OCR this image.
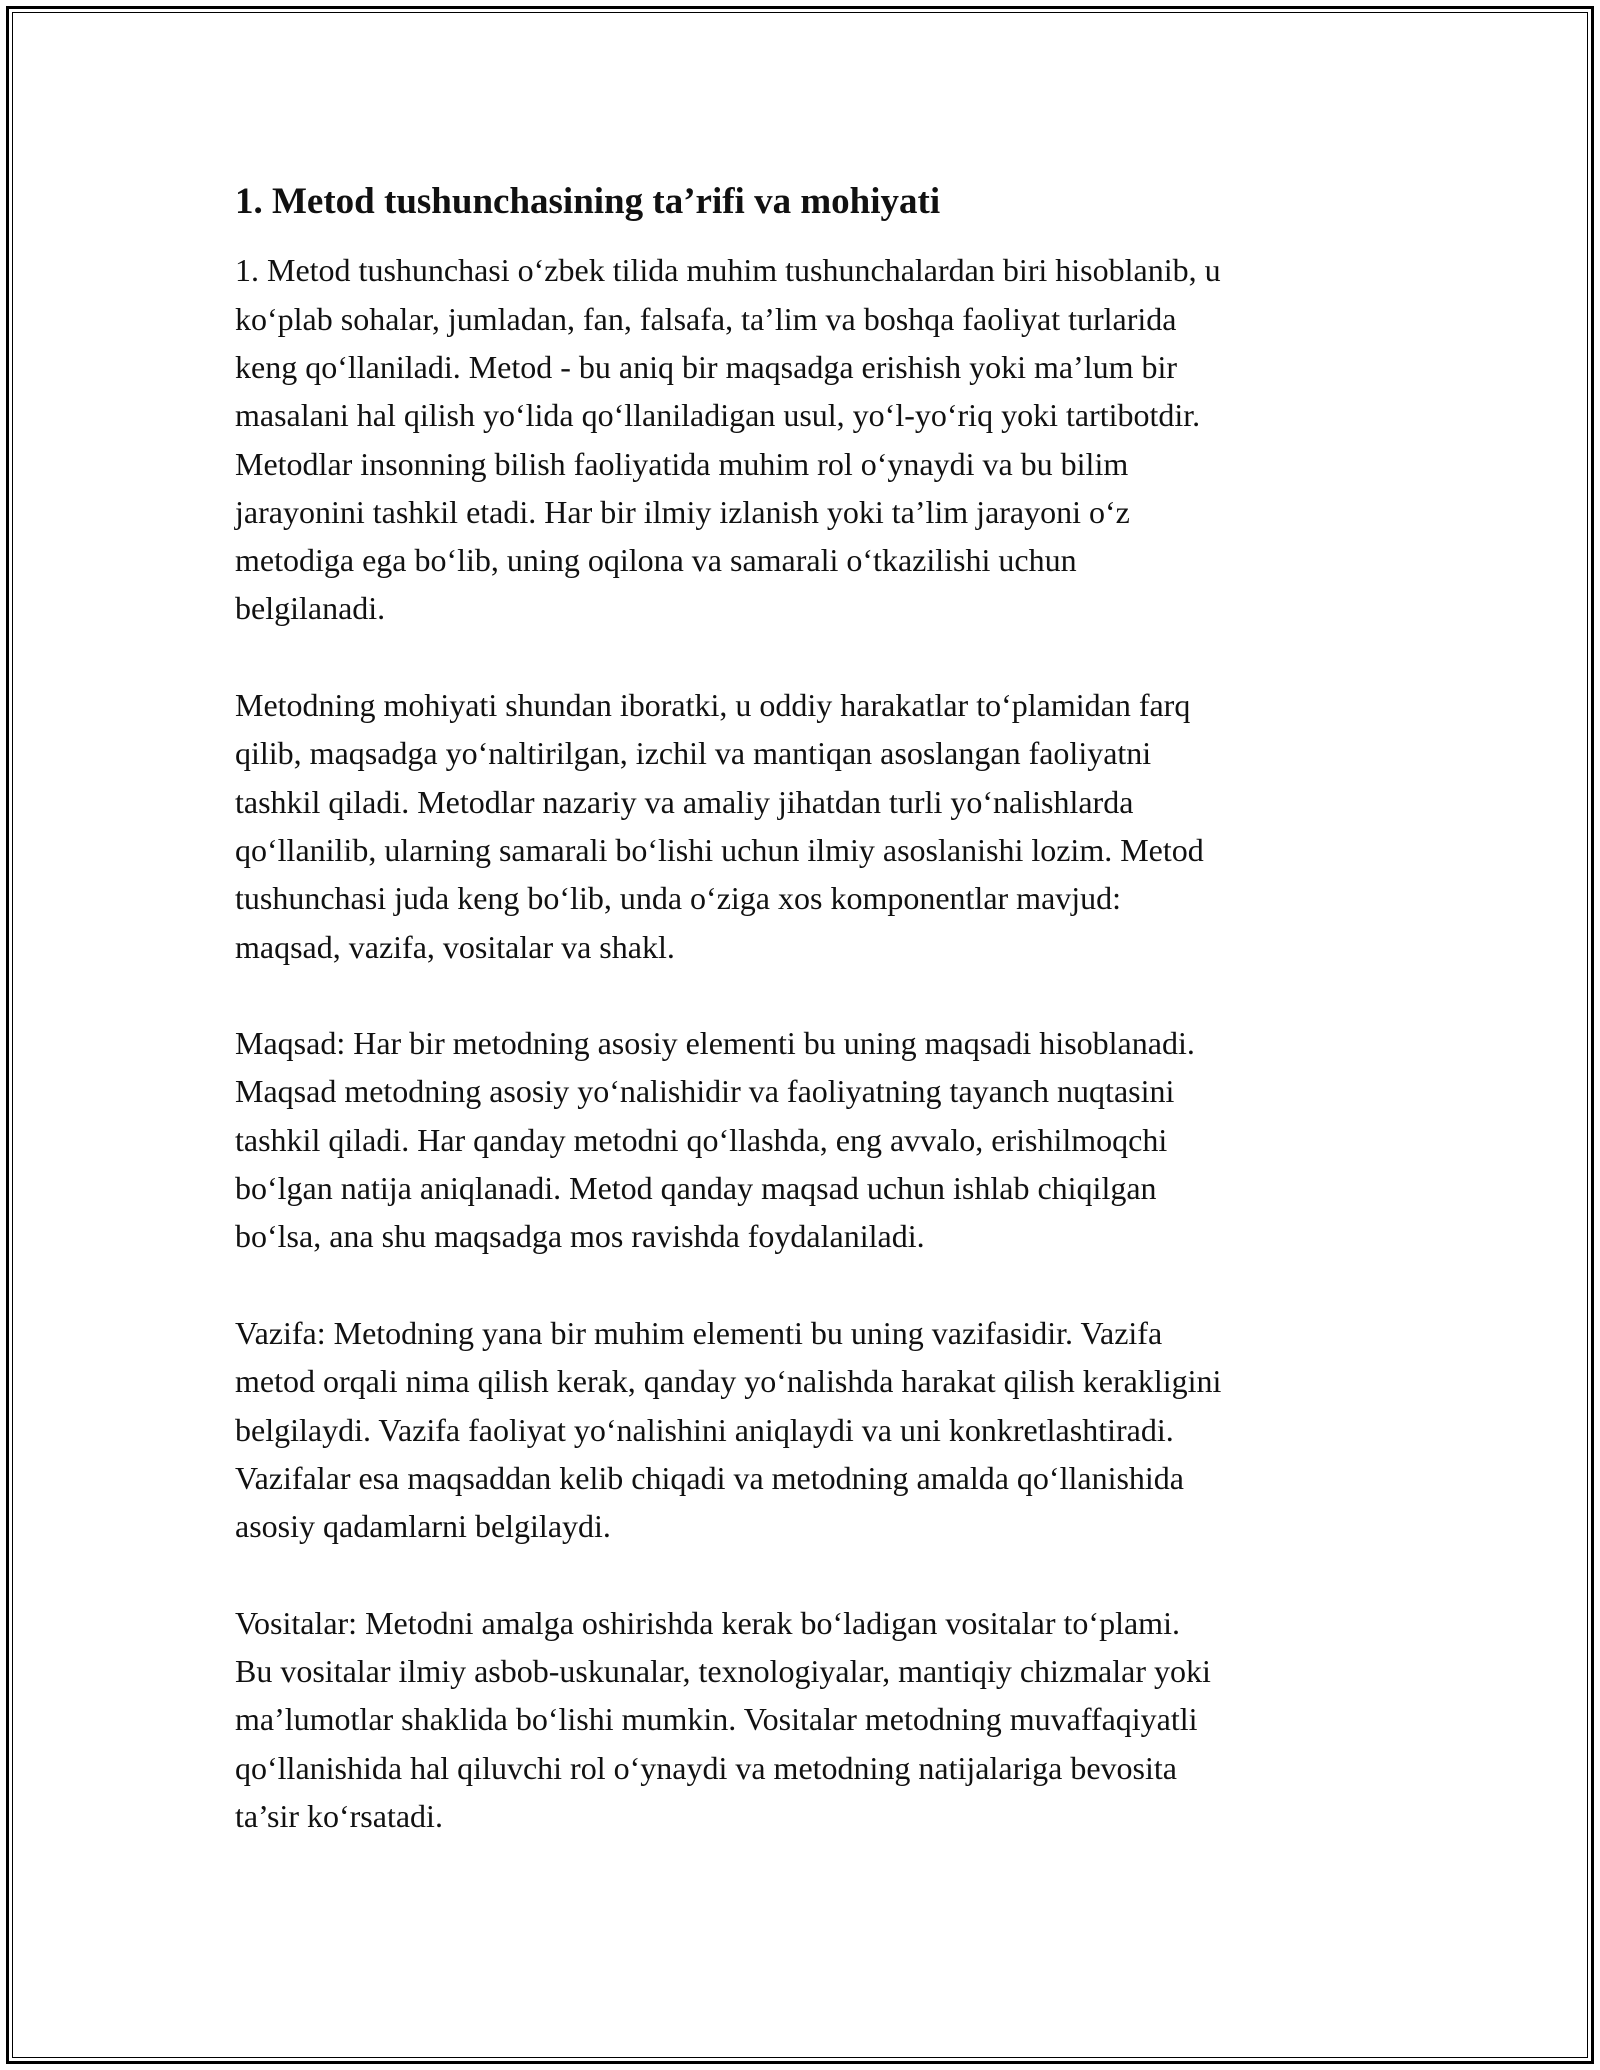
1. Metod tushunchasining ta’rifi va mohiyati

1. Metod tushunchasi o‘zbek tilida muhim tushunchalardan biri hisoblanib, u
ko‘plab sohalar, jumladan, fan, falsafa, ta’lim va boshqa faoliyat turlarida
keng qo‘llaniladi. Metod - bu aniq bir maqsadga erishish yoki ma’lum bir
masalani hal qilish yo‘lida qo‘llaniladigan usul, yo‘l-yo‘riq yoki tartibotdir.
Metodlar insonning bilish faoliyatida muhim rol o‘ynaydi va bu bilim
jarayonini tashkil etadi. Har bir ilmiy izlanish yoki ta’lim jarayoni o‘z
metodiga ega bo‘lib, uning oqilona va samarali o‘tkazilishi uchun
belgilanadi.

Metodning mohiyati shundan iboratki, u oddiy harakatlar to‘plamidan farq
qilib, maqsadga yo‘naltirilgan, izchil va mantiqan asoslangan faoliyatni
tashkil qiladi. Metodlar nazariy va amaliy jihatdan turli yo‘nalishlarda
qo‘llanilib, ularning samarali bo‘lishi uchun ilmiy asoslanishi lozim. Metod
tushunchasi juda keng bo‘lib, unda o‘ziga xos komponentlar mavjud:
maqsad, vazifa, vositalar va shakl.

Maqsad: Har bir metodning asosiy elementi bu uning maqsadi hisoblanadi.
Maqsad metodning asosiy yo‘nalishidir va faoliyatning tayanch nuqtasini
tashkil qiladi. Har qanday metodni qo‘llashda, eng avvalo, erishilmoqchi
bo‘lgan natija aniqlanadi. Metod qanday maqsad uchun ishlab chiqilgan
bo‘lsa, ana shu maqsadga mos ravishda foydalaniladi.

Vazifa: Metodning yana bir muhim elementi bu uning vazifasidir. Vazifa
metod orqali nima qilish kerak, qanday yo‘nalishda harakat qilish kerakligini
belgilaydi. Vazifa faoliyat yo‘nalishini aniqlaydi va uni konkretlashtiradi.
Vazifalar esa maqsaddan kelib chiqadi va metodning amalda qo‘llanishida
asosiy qadamlarni belgilaydi.

Vositalar: Metodni amalga oshirishda kerak bo‘ladigan vositalar to‘plami.
Bu vositalar ilmiy asbob-uskunalar, texnologiyalar, mantiqiy chizmalar yoki
ma’lumotlar shaklida bo‘lishi mumkin. Vositalar metodning muvaffaqiyatli
qo‘llanishida hal qiluvchi rol o‘ynaydi va metodning natijalariga bevosita
ta’sir ko‘rsatadi.
